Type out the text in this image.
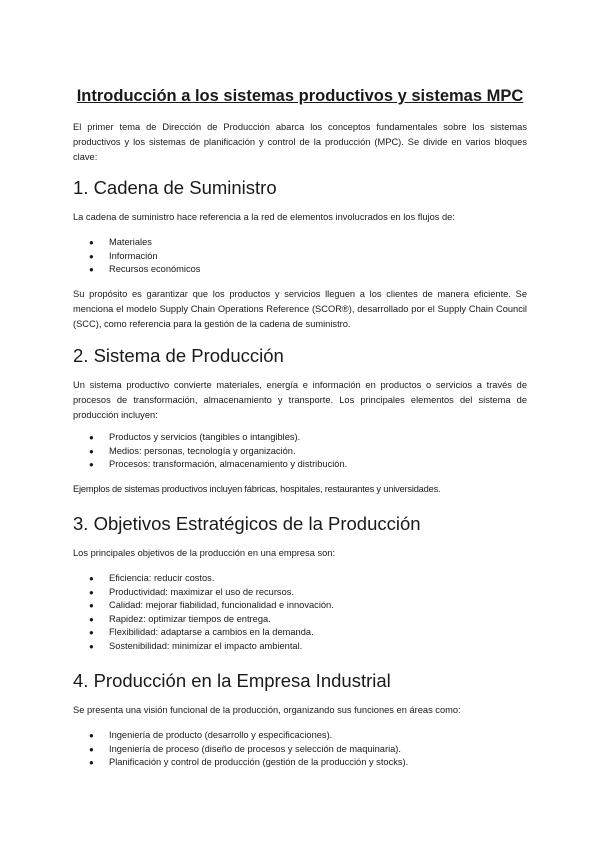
Introducción a los sistemas productivos y sistemas MPC

El primer tema de Dirección de Producción abarca los conceptos fundamentales sobre los sistemas productivos y los sistemas de planificación y control de la producción (MPC). Se divide en varios bloques clave:

1. Cadena de Suministro

La cadena de suministro hace referencia a la red de elementos involucrados en los flujos de:

● Materiales
● Información
● Recursos económicos

Su propósito es garantizar que los productos y servicios lleguen a los clientes de manera eficiente. Se menciona el modelo Supply Chain Operations Reference (SCOR®), desarrollado por el Supply Chain Council (SCC), como referencia para la gestión de la cadena de suministro.

2. Sistema de Producción

Un sistema productivo convierte materiales, energía e información en productos o servicios a través de procesos de transformación, almacenamiento y transporte. Los principales elementos del sistema de producción incluyen:

● Productos y servicios (tangibles o intangibles).
● Medios: personas, tecnología y organización.
● Procesos: transformación, almacenamiento y distribución.

Ejemplos de sistemas productivos incluyen fábricas, hospitales, restaurantes y universidades.

3. Objetivos Estratégicos de la Producción

Los principales objetivos de la producción en una empresa son:

● Eficiencia: reducir costos.
● Productividad: maximizar el uso de recursos.
● Calidad: mejorar fiabilidad, funcionalidad e innovación.
● Rapidez: optimizar tiempos de entrega.
● Flexibilidad: adaptarse a cambios en la demanda.
● Sostenibilidad: minimizar el impacto ambiental.
4. Producción en la Empresa Industrial

Se presenta una visión funcional de la producción, organizando sus funciones en áreas como:

● Ingeniería de producto (desarrollo y especificaciones).
● Ingeniería de proceso (diseño de procesos y selección de maquinaria).
● Planificación y control de producción (gestión de la producción y stocks).
